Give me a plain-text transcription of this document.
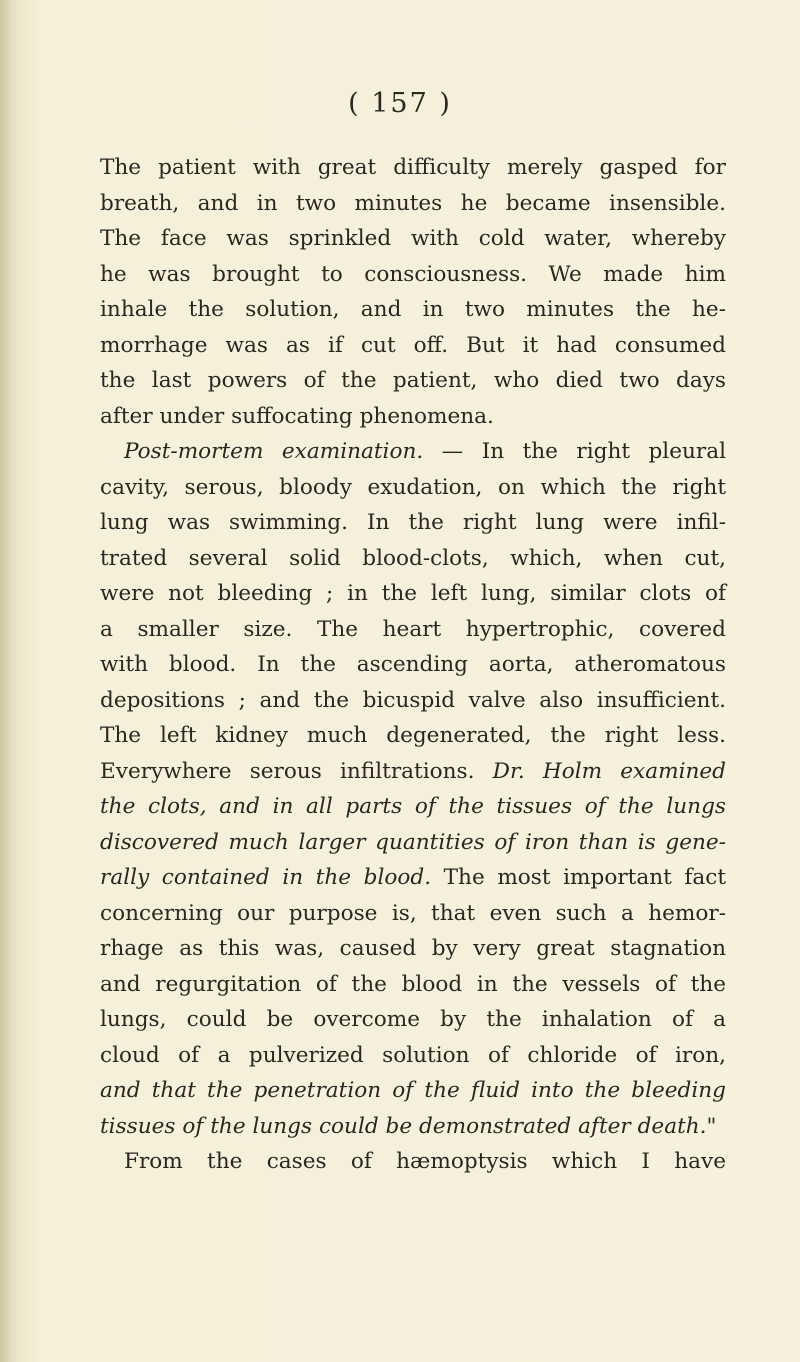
( 157 )
The patient with great difficulty merely gasped for
breath, and in two minutes he became insensible.
The face was sprinkled with cold water, whereby
he was brought to consciousness. We made him
inhale the solution, and in two minutes the he-
morrhage was as if cut off. But it had consumed
the last powers of the patient, who died two days
after under suffocating phenomena.
Post-mortem examination. — In the right pleural
cavity, serous, bloody exudation, on which the right
lung was swimming. In the right lung were infil-
trated several solid blood-clots, which, when cut,
were not bleeding ; in the left lung, similar clots of
a smaller size. The heart hypertrophic, covered
with blood. In the ascending aorta, atheromatous
depositions ; and the bicuspid valve also insufficient.
The left kidney much degenerated, the right less.
Everywhere serous infiltrations. Dr. Holm examined
the clots, and in all parts of the tissues of the lungs
discovered much larger quantities of iron than is gene-
rally contained in the blood. The most important fact
concerning our purpose is, that even such a hemor-
rhage as this was, caused by very great stagnation
and regurgitation of the blood in the vessels of the
lungs, could be overcome by the inhalation of a
cloud of a pulverized solution of chloride of iron,
and that the penetration of the fluid into the bleeding
tissues of the lungs could be demonstrated after death."
From the cases of hæmoptysis which I have
